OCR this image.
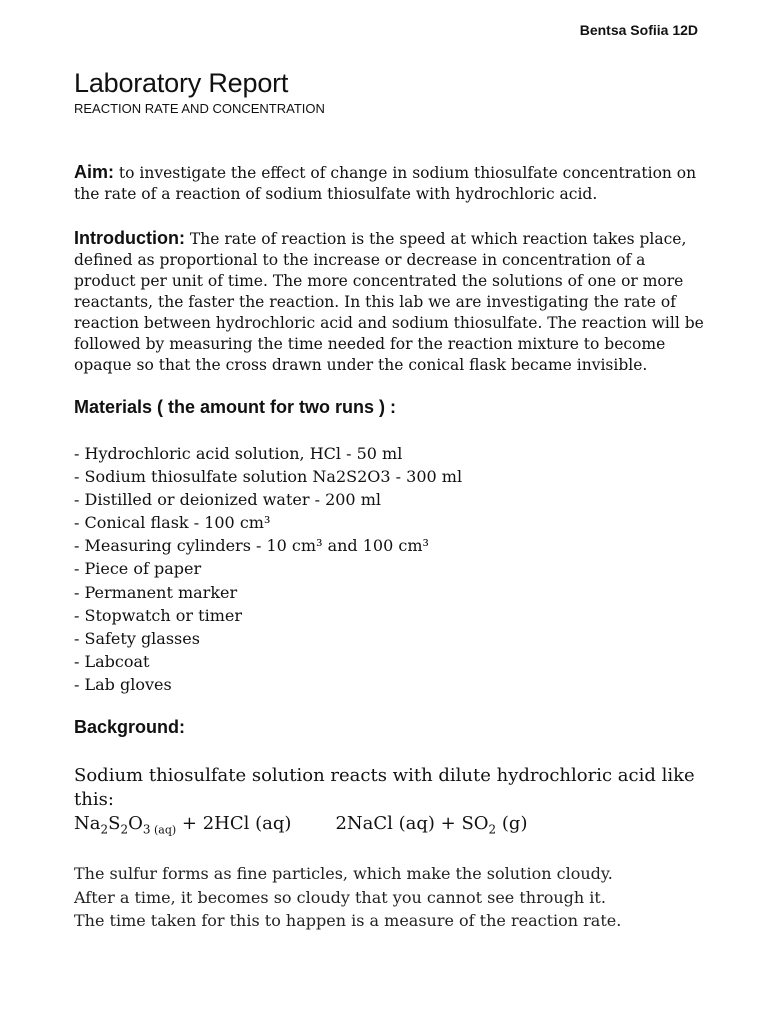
Bentsa Sofiia 12D
Laboratory Report

REACTION RATE AND CONCENTRATION

Aim: to investigate the effect of change in sodium thiosulfate concentration on the rate of a reaction of sodium thiosulfate with hydrochloric acid.

Introduction: The rate of reaction is the speed at which reaction takes place, defined as proportional to the increase or decrease in concentration of a product per unit of time. The more concentrated the solutions of one or more reactants, the faster the reaction. In this lab we are investigating the rate of reaction between hydrochloric acid and sodium thiosulfate. The reaction will be followed by measuring the time needed for the reaction mixture to become opaque so that the cross drawn under the conical flask became invisible.

Materials ( the amount for two runs ) :
- Hydrochloric acid solution, HCl - 50 ml
- Sodium thiosulfate solution Na2S2O3 - 300 ml
- Distilled or deionized water - 200 ml
- Conical flask - 100 cm³
- Measuring cylinders - 10 cm³ and 100 cm³
- Piece of paper
- Permanent marker
- Stopwatch or timer
- Safety glasses
- Labcoat
- Lab gloves
Background:

Sodium thiosulfate solution reacts with dilute hydrochloric acid like this:

$Na_2S_2O_3$ $_{(aq)}$ + 2HCl (aq) 2NaCl $(aq) + SO_2$ (g)

The sulfur forms as fine particles, which make the solution cloudy.
After a time, it becomes so cloudy that you cannot see through it.
The time taken for this to happen is a measure of the reaction rate.
